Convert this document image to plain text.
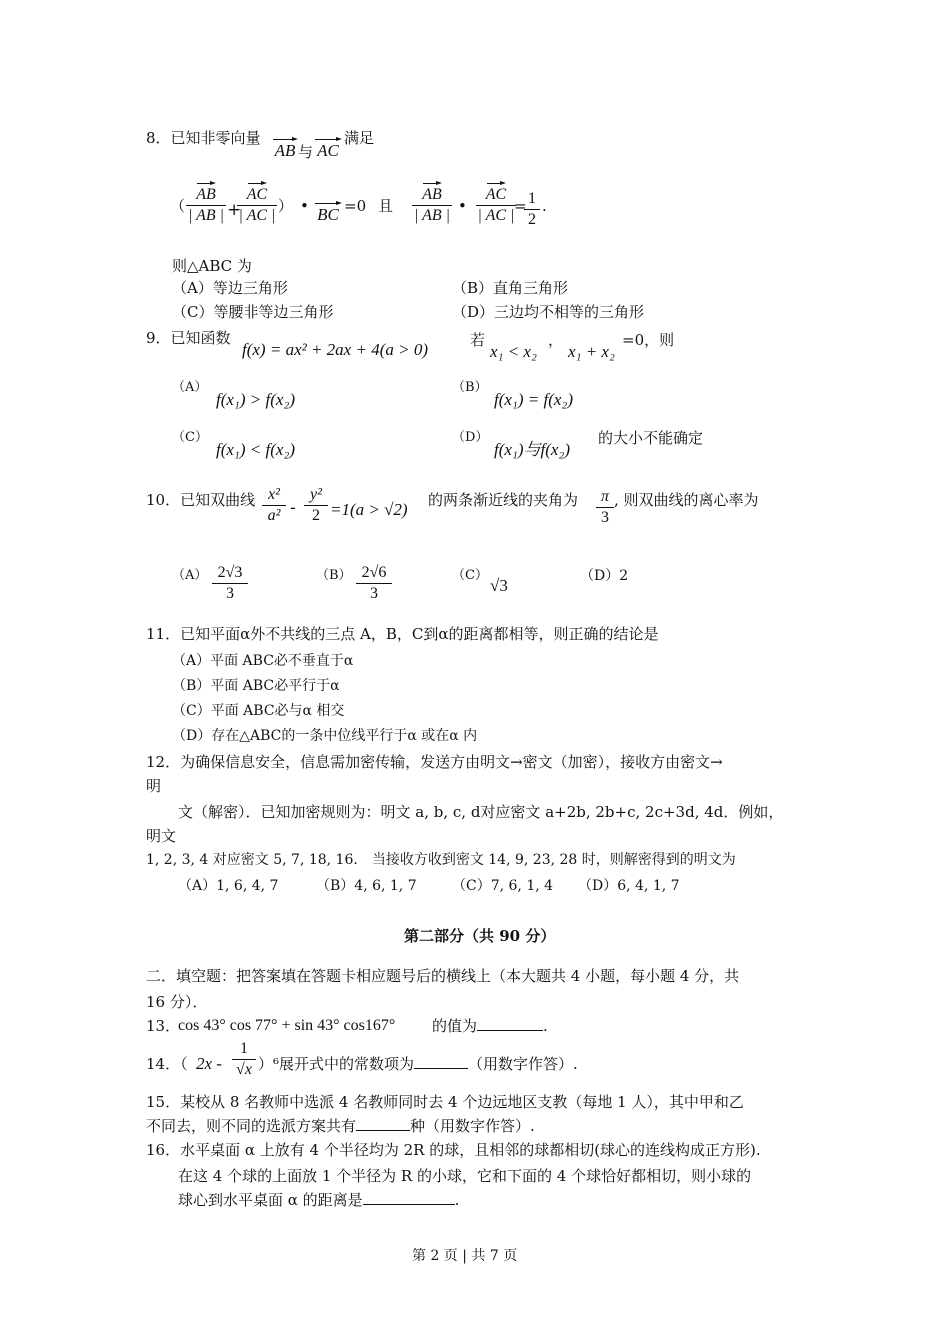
8．已知非零向量
AB 与 AC
满足
（
AB
| AB | +
AC
| AC |
） • BC =0 且
AB
| AB |
•
AC
| AC |
= 1
2
.
则△ABC 为
（A）等边三角形	（B）直角三角形
（C）等腰非等边三角形	（D）三边均不相等的三角形
9．已知函数
f(x) = ax² + 2ax + 4(a > 0)	若
x₁ < x₂
，
x₁ + x₂
=0，则
（A）
f(x₁) > f(x₂)
（B）
f(x₁) = f(x₂)
（C）
f(x₁) < f(x₂)
（D）
f(x₁)与f(x₂)
的大小不能确定
10．已知双曲线 x²
a² -
y²
2 =1(a > √2) 的两条渐近线的夹角为	π
3
, 则双曲线的离心率为
（A） 2√3
3
（B） 2√6
3
（C）
√3	（D）2
11．已知平面α外不共线的三点 A，B，C到α的距离都相等，则正确的结论是
（A）平面 ABC必不垂直于α
（B）平面 ABC必平行于α
（C）平面 ABC必与α 相交
（D）存在△ABC的一条中位线平行于α 或在α 内
12．为确保信息安全，信息需加密传输，发送方由明文→密文（加密），接收方由密文→
明
文（解密）．已知加密规则为：明文 a, b, c, d对应密文 a+2b, 2b+c, 2c+3d, 4d．例如，
明文
1, 2, 3, 4 对应密文 5, 7, 18, 16． 当接收方收到密文 14, 9, 23, 28 时，则解密得到的明文为
（A）1, 6, 4, 7	（B）4, 6, 1, 7	（C）7, 6, 1, 4 （D）6, 4, 1, 7
第二部分（共 90 分）
二．填空题：把答案填在答题卡相应题号后的横线上（本大题共 4 小题，每小题 4 分，共
16 分）．
13．
cos 43° cos 77° + sin 43° cos167° 的值为	.
14．（ 2x -
1
√x ）⁶展开式中的常数项为	（用数字作答）.
15．某校从 8 名教师中选派 4 名教师同时去 4 个边远地区支教（每地 1 人），其中甲和乙
不同去，则不同的选派方案共有	种（用数字作答）.
16．水平桌面 α 上放有 4 个半径均为 2R 的球，且相邻的球都相切(球心的连线构成正方形).
在这 4 个球的上面放 1 个半径为 R 的小球，它和下面的 4 个球恰好都相切，则小球的
球心到水平桌面 α 的距离是	.
第 2 页 | 共 7 页
